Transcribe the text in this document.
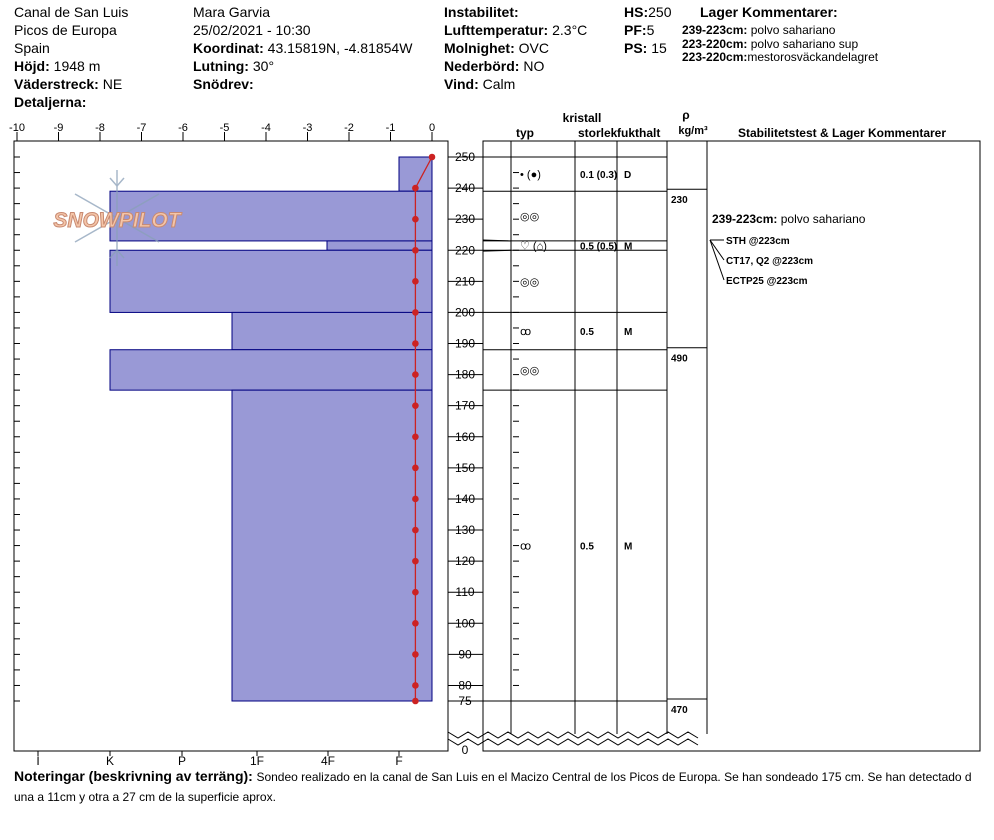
Canal de San Luis
Picos de Europa
Spain
Höjd: 1948 m
Väderstreck: NE
Detaljerna:
Mara Garvia
25/02/2021 - 10:30
Koordinat: 43.15819N, -4.81854W
Lutning: 30°
Snödrev:
Instabilitet:
Lufttemperatur: 2.3°C
Molnighet: OVC
Nederbörd: NO
Vind: Calm
HS:250
PF:5
PS: 15
Lager Kommentarer:
239-223cm: polvo sahariano
223-220cm: polvo sahariano sup
223-220cm:mestorosväckandelagret
kristall
typ	storlek fukthalt
ρ
kg/m³	Stabilitetstest & Lager Kommentarer
SNOWPILOT
-10	-9	-8	-7	-6	-5	-4	-3	-2	-1	0
I	K	P	1F	4F	F
0
75
80
90
100
110
120
130
140
150
160
170
180
190
200
210
220
230
240
250
• (●)	0.1 (0.3) D
◎◎
♡ (⌂)	0.5 (0.5) M
◎◎
ꝏ	0.5	M
◎◎
ꝏ	0.5	M
230
490
470
239-223cm: polvo sahariano
STH @223cm
CT17, Q2 @223cm
ECTP25 @223cm
Noteringar (beskrivning av terräng): Sondeo realizado en la canal de San Luis en el Macizo Central de los Picos de Europa. Se han sondeado 175 cm. Se han detectado d una a 11cm y otra a 27 cm de la superficie aprox.
